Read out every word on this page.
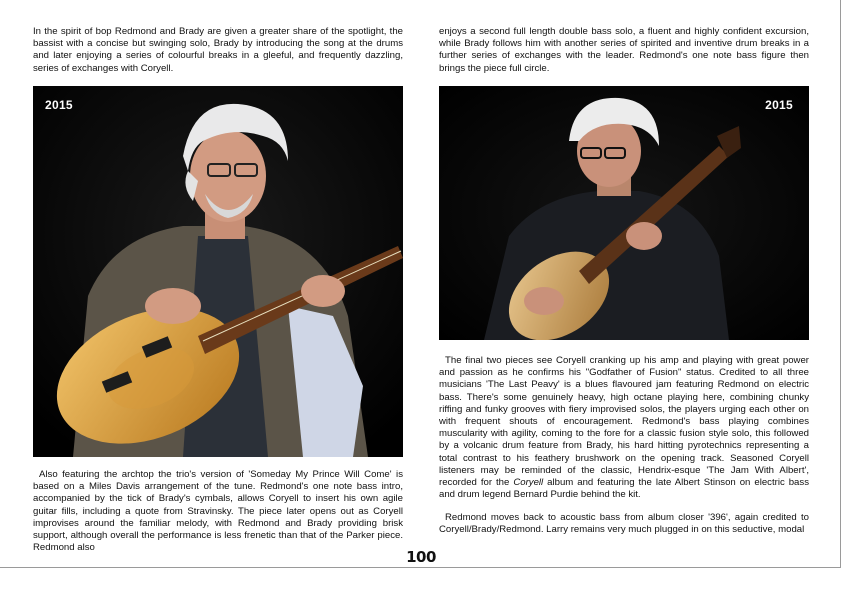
In the spirit of bop Redmond and Brady are given a greater share of the spotlight, the bassist with a concise but swinging solo, Brady by introducing the song at the drums and later enjoying a series of colourful breaks in a gleeful, and frequently dazzling, series of exchanges with Coryell.

2015

Also featuring the archtop the trio's version of 'Someday My Prince Will Come' is based on a Miles Davis arrangement of the tune. Redmond's one note bass intro, accompanied by the tick of Brady's cymbals, allows Coryell to insert his own agile guitar fills, including a quote from Stravinsky. The piece later opens out as Coryell improvises around the familiar melody, with Redmond and Brady providing brisk support, although overall the performance is less frenetic than that of the Parker piece. Redmond also

enjoys a second full length double bass solo, a fluent and highly confident excursion, while Brady follows him with another series of spirited and inventive drum breaks in a further series of exchanges with the leader. Redmond's one note bass figure then brings the piece full circle.

2015

The final two pieces see Coryell cranking up his amp and playing with great power and passion as he confirms his "Godfather of Fusion" status. Credited to all three musicians 'The Last Peavy' is a blues flavoured jam featuring Redmond on electric bass. There's some genuinely heavy, high octane playing here, combining chunky riffing and funky grooves with fiery improvised solos, the players urging each other on with frequent shouts of encouragement. Redmond's bass playing combines muscularity with agility, coming to the fore for a classic fusion style solo, this followed by a volcanic drum feature from Brady, his hard hitting pyrotechnics representing a total contrast to his feathery brushwork on the opening track. Seasoned Coryell listeners may be reminded of the classic, Hendrix-esque 'The Jam With Albert', recorded for the Coryell album and featuring the late Albert Stinson on electric bass and drum legend Bernard Purdie behind the kit.

Redmond moves back to acoustic bass from album closer '396', again credited to Coryell/Brady/Redmond. Larry remains very much plugged in on this seductive, modal

100
